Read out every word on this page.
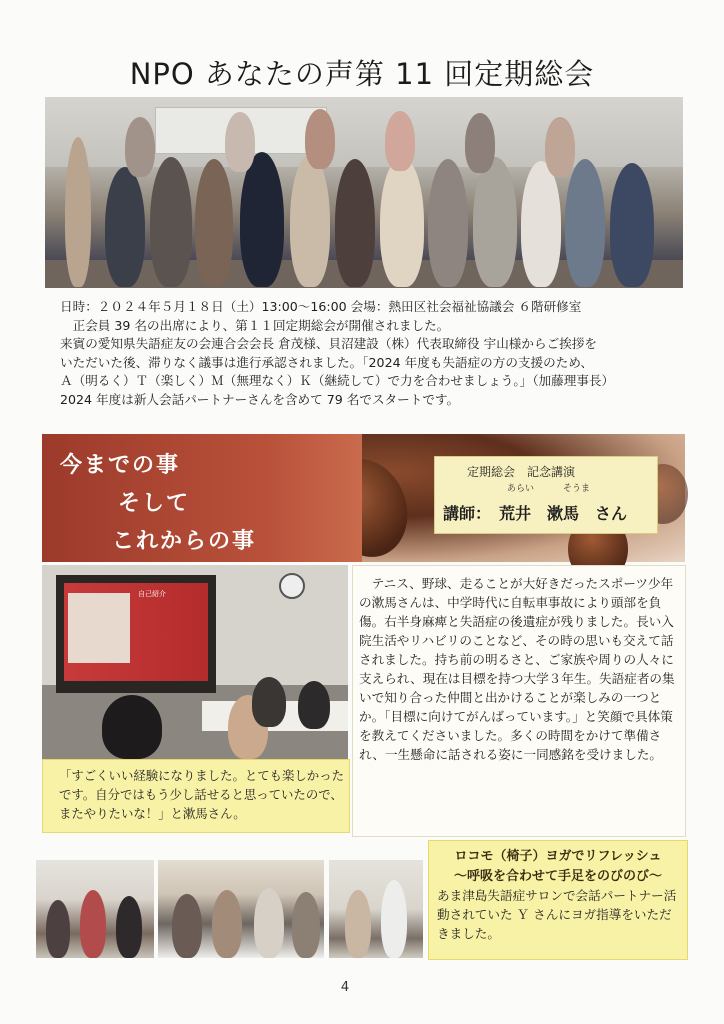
NPO あなたの声第 11 回定期総会

日時：２０２４年５月１８日（土）13:00〜16:00 会場：熱田区社会福祉協議会 ６階研修室

　正会員 39 名の出席により、第１１回定期総会が開催されました。

来賓の愛知県失語症友の会連合会会長 倉茂様、貝沼建設（株）代表取締役 宇山様からご挨拶を

いただいた後、滞りなく議事は進行承認されました。「2024 年度も失語症の方の支援のため、

Ａ（明るく）Ｔ（楽しく）Ｍ（無理なく）Ｋ（継続して）で力を合わせましょう。」（加藤理事長）

2024 年度は新人会話パートナーさんを含めて 79 名でスタートです。

今までの事
そして
これからの事
定期総会　記念講演
あらい	そうま
講師：　荒井　漱馬　さん
自己紹介

「すごくいい経験になりました。とても楽しかったです。自分ではもう少し話せると思っていたので、またやりたいな！」と漱馬さん。

　テニス、野球、走ることが大好きだったスポーツ少年の漱馬さんは、中学時代に自転車事故により頭部を負傷。右半身麻痺と失語症の後遺症が残りました。長い入院生活やリハビリのことなど、その時の思いも交えて話されました。持ち前の明るさと、ご家族や周りの人々に支えられ、現在は目標を持つ大学３年生。失語症者の集いで知り合った仲間と出かけることが楽しみの一つとか。「目標に向けてがんばっています。」と笑顔で具体策を教えてくださいました。多くの時間をかけて準備され、一生懸命に話される姿に一同感銘を受けました。

ロコモ（椅子）ヨガでリフレッシュ
〜呼吸を合わせて手足をのびのび〜
あま津島失語症サロンで会話パートナー活動されていた Ｙ さんにヨガ指導をいただきました。
4
